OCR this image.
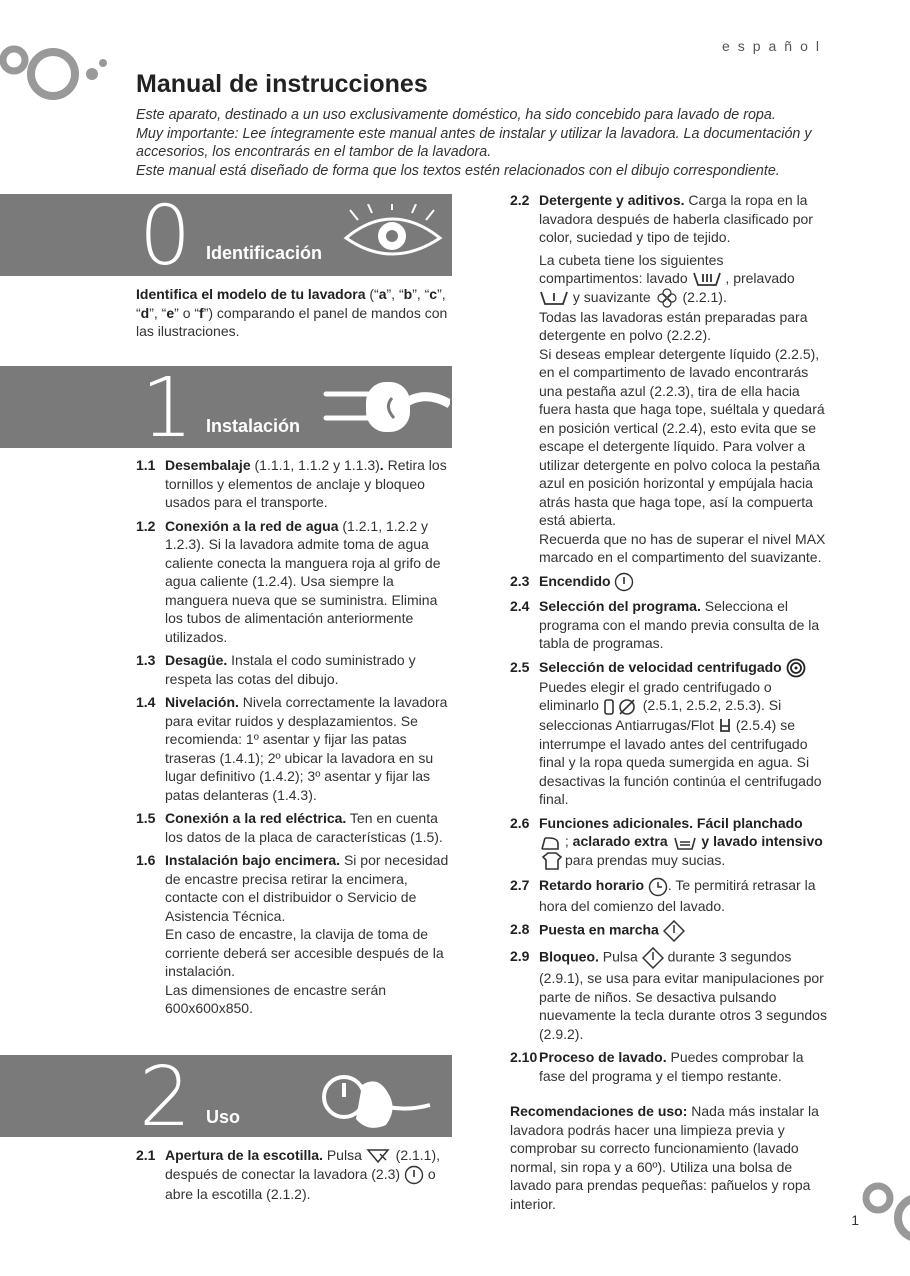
español
Manual de instrucciones

Este aparato, destinado a un uso exclusivamente doméstico, ha sido concebido para lavado de ropa.

Muy importante: Lee íntegramente este manual antes de instalar y utilizar la lavadora. La documentación y accesorios, los encontrarás en el tambor de la lavadora.

Este manual está diseñado de forma que los textos estén relacionados con el dibujo correspondiente.

0 Identificación

Identifica el modelo de tu lavadora (“a”, “b”, “c”, “d”, “e” o “f”) comparando el panel de mandos con las ilustraciones.

1 Instalación
1.1 Desembalaje (1.1.1, 1.1.2 y 1.1.3). Retira los tornillos y elementos de anclaje y bloqueo usados para el transporte.
1.2 Conexión a la red de agua (1.2.1, 1.2.2 y 1.2.3). Si la lavadora admite toma de agua caliente conecta la manguera roja al grifo de agua caliente (1.2.4). Usa siempre la manguera nueva que se suministra. Elimina los tubos de alimentación anteriormente utilizados.
1.3 Desagüe. Instala el codo suministrado y respeta las cotas del dibujo.
1.4 Nivelación. Nivela correctamente la lavadora para evitar ruidos y desplazamientos. Se recomienda: 1º asentar y fijar las patas traseras (1.4.1); 2º ubicar la lavadora en su lugar definitivo (1.4.2); 3º asentar y fijar las patas delanteras (1.4.3).
1.5 Conexión a la red eléctrica. Ten en cuenta los datos de la placa de características (1.5).
1.6 Instalación bajo encimera. Si por necesidad de encastre precisa retirar la encimera, contacte con el distribuidor o Servicio de Asistencia Técnica.

En caso de encastre, la clavija de toma de corriente deberá ser accesible después de la instalación.

Las dimensiones de encastre serán 600x600x850.

2 Uso
2.1 Apertura de la escotilla. Pulsa  (2.1.1), después de conectar la lavadora (2.3)  o abre la escotilla (2.1.2).
2.2 Detergente y aditivos. Carga la ropa en la lavadora después de haberla clasificado por color, suciedad y tipo de tejido.

La cubeta tiene los siguientes compartimentos: lavado  , prelavado  y suavizante  (2.2.1).

Todas las lavadoras están preparadas para detergente en polvo (2.2.2).

Si deseas emplear detergente líquido (2.2.5), en el compartimento de lavado encontrarás una pestaña azul (2.2.3), tira de ella hacia fuera hasta que haga tope, suéltala y quedará en posición vertical (2.2.4), esto evita que se escape el detergente líquido. Para volver a utilizar detergente en polvo coloca la pestaña azul en posición horizontal y empújala hacia atrás hasta que haga tope, así la compuerta está abierta.

Recuerda que no has de superar el nivel MAX marcado en el compartimento del suavizante.

2.3 Encendido
2.4 Selección del programa. Selecciona el programa con el mando previa consulta de la tabla de programas.
2.5 Selección de velocidad centrifugado
Puedes elegir el grado centrifugado o eliminarlo	(2.5.1, 2.5.2, 2.5.3). Si seleccionas Antiarrugas/Flot  (2.5.4) se interrumpe el lavado antes del centrifugado final y la ropa queda sumergida en agua. Si desactivas la función continúa el centrifugado final.
2.6 Funciones adicionales. Fácil planchado
; aclarado extra  y lavado intensivopara prendas muy sucias.
2.7 Retardo horario . Te permitirá retrasar la hora del comienzo del lavado.
2.8 Puesta en marcha
2.9 Bloqueo. Pulsa  durante 3 segundos (2.9.1), se usa para evitar manipulaciones por parte de niños. Se desactiva pulsando nuevamente la tecla durante otros 3 segundos (2.9.2).
2.10 Proceso de lavado. Puedes comprobar la fase del programa y el tiempo restante.

Recomendaciones de uso: Nada más instalar la lavadora podrás hacer una limpieza previa y comprobar su correcto funcionamiento (lavado normal, sin ropa y a 60º). Utiliza una bolsa de lavado para prendas pequeñas: pañuelos y ropa interior.

1
